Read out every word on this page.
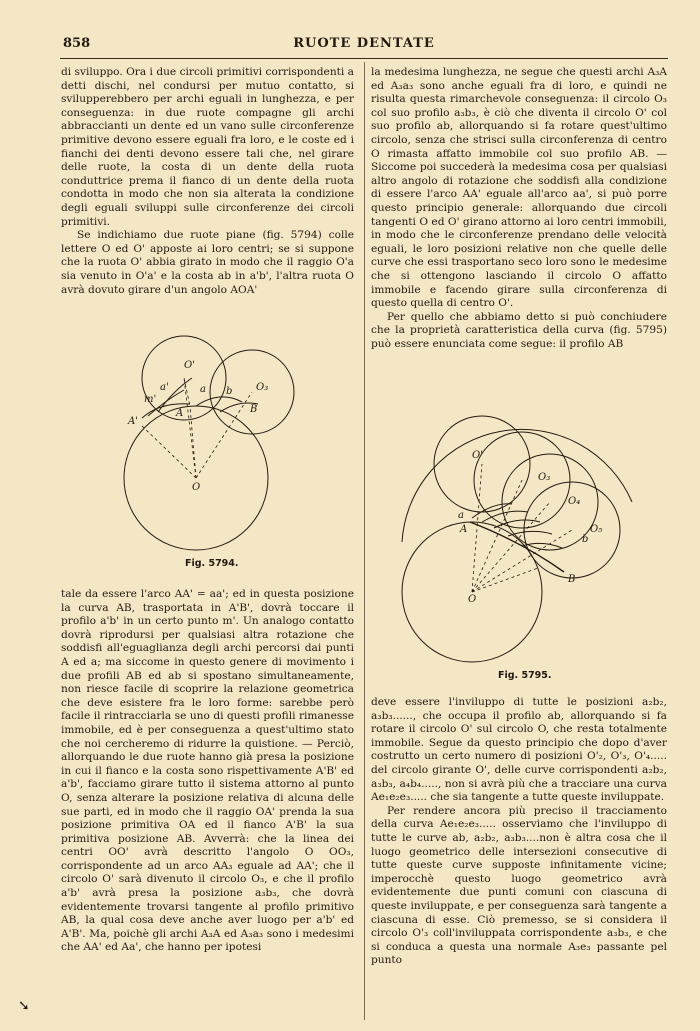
858	RUOTE DENTATE

di sviluppo. Ora i due circoli primitivi corrispondenti a detti dischi, nel condursi per mutuo contatto, si svilupperebbero per archi eguali in lunghezza, e per conseguenza: in due ruote compagne gli archi abbraccianti un dente ed un vano sulle circonferenze primitive devono essere eguali fra loro, e le coste ed i fianchi dei denti devono essere tali che, nel girare delle ruote, la costa di un dente della ruota conduttrice prema il fianco di un dente della ruota condotta in modo che non sia alterata la condizione degli eguali sviluppi sulle circonferenze dei circoli primitivi.

Se indichiamo due ruote piane (fig. 5794) colle lettere O ed O' apposte ai loro centri; se si suppone che la ruota O' abbia girato in modo che il raggio O'a sia venuto in O'a' e la costa ab in a'b', l'altra ruota O avrà dovuto girare d'un angolo AOA'

O'
O₃
a'	a
m'
A'
A	B
b
O
Fig. 5794.

tale da essere l'arco AA' = aa'; ed in questa posizione la curva AB, trasportata in A'B', dovrà toccare il profilo a'b' in un certo punto m'. Un analogo contatto dovrà riprodursi per qualsiasi altra rotazione che soddisfi all'eguaglianza degli archi percorsi dai punti A ed a; ma siccome in questo genere di movimento i due profili AB ed ab si spostano simultaneamente, non riesce facile di scoprire la relazione geometrica che deve esistere fra le loro forme: sarebbe però facile il rintracciarla se uno di questi profili rimanesse immobile, ed è per conseguenza a quest'ultimo stato che noi cercheremo di ridurre la quistione. — Perciò, allorquando le due ruote hanno già presa la posizione in cui il fianco e la costa sono rispettivamente A'B' ed a'b', facciamo girare tutto il sistema attorno al punto O, senza alterare la posizione relativa di alcuna delle sue parti, ed in modo che il raggio OA' prenda la sua posizione primitiva OA ed il fianco A'B' la sua primitiva posizione AB. Avverrà: che la linea dei centri OO' avrà descritto l'angolo O OO₃, corrispondente ad un arco AA₃ eguale ad AA'; che il circolo O' sarà divenuto il circolo O₃, e che il profilo a'b' avrà presa la posizione a₃b₃, che dovrà evidentemente trovarsi tangente al profilo primitivo AB, la qual cosa deve anche aver luogo per a'b' ed A'B'. Ma, poichè gli archi A₃A ed A₃a₃ sono i medesimi che AA' ed Aa', che hanno per ipotesi

la medesima lunghezza, ne segue che questi archi A₃A ed A₃a₃ sono anche eguali fra di loro, e quindi ne risulta questa rimarchevole conseguenza: il circolo O₃ col suo profilo a₃b₃, è ciò che diventa il circolo O' col suo profilo ab, allorquando si fa rotare quest'ultimo circolo, senza che strisci sulla circonferenza di centro O rimasta affatto immobile col suo profilo AB. — Siccome poi succederà la medesima cosa per qualsiasi altro angolo di rotazione che soddisfi alla condizione di essere l'arco AA' eguale all'arco aa', si può porre questo principio generale: allorquando due circoli tangenti O ed O' girano attorno ai loro centri immobili, in modo che le circonferenze prendano delle velocità eguali, le loro posizioni relative non che quelle delle curve che essi trasportano seco loro sono le medesime che si ottengono lasciando il circolo O affatto immobile e facendo girare sulla circonferenza di questo quella di centro O'.

Per quello che abbiamo detto si può conchiudere che la proprietà caratteristica della curva (fig. 5795) può essere enunciata come segue: il profilo AB

O'
O₃
O₄
O₅
a
A
B
b
O
Fig. 5795.

deve essere l'inviluppo di tutte le posizioni a₂b₂, a₃b₃......, che occupa il profilo ab, allorquando si fa rotare il circolo O' sul circolo O, che resta totalmente immobile. Segue da questo principio che dopo d'aver costrutto un certo numero di posizioni O'₂, O'₃, O'₄..... del circolo girante O', delle curve corrispondenti a₂b₂, a₃b₃, a₄b₄....., non si avrà più che a tracciare una curva Ae₁e₂e₃..... che sia tangente a tutte queste inviluppate.

Per rendere ancora più preciso il tracciamento della curva Ae₁e₂e₃..... osserviamo che l'inviluppo di tutte le curve ab, a₂b₂, a₃b₃....non è altra cosa che il luogo geometrico delle intersezioni consecutive di tutte queste curve supposte infinitamente vicine; imperocchè questo luogo geometrico avrà evidentemente due punti comuni con ciascuna di queste inviluppate, e per conseguenza sarà tangente a ciascuna di esse. Ciò premesso, se si considera il circolo O'₃ coll'inviluppata corrispondente a₃b₃, e che si conduca a questa una normale A₃e₃ passante pel punto

➘
